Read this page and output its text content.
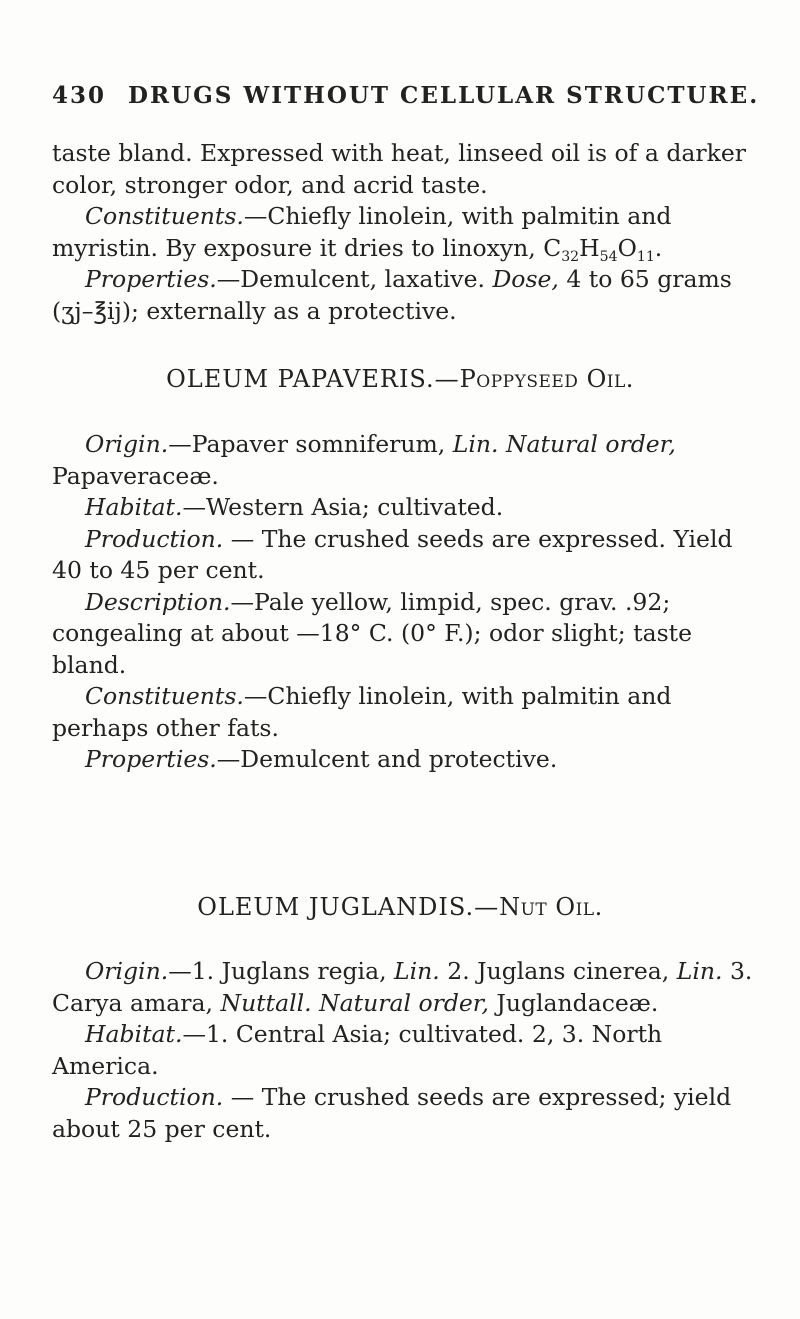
430 DRUGS WITHOUT CELLULAR STRUCTURE.

taste bland. Expressed with heat, linseed oil is of a darker color, stronger odor, and acrid taste.

Constituents.—Chiefly linolein, with palmitin and myristin. By exposure it dries to linoxyn, $C_{32}H_{54}O_{11}$.

Properties.—Demulcent, laxative. Dose, 4 to 65 grams (ʒj–℥ij); externally as a protective.

OLEUM PAPAVERIS.—Poppyseed Oil.

Origin.—Papaver somniferum, Lin. Natural order, Papaveraceæ.

Habitat.—Western Asia; cultivated.

Production. — The crushed seeds are expressed. Yield 40 to 45 per cent.

Description.—Pale yellow, limpid, spec. grav. .92; congealing at about —18° C. (0° F.); odor slight; taste bland.

Constituents.—Chiefly linolein, with palmitin and perhaps other fats.

Properties.—Demulcent and protective.

OLEUM JUGLANDIS.—Nut Oil.

Origin.—1. Juglans regia, Lin. 2. Juglans cinerea, Lin. 3. Carya amara, Nuttall. Natural order, Juglandaceæ.

Habitat.—1. Central Asia; cultivated. 2, 3. North America.

Production. — The crushed seeds are expressed; yield about 25 per cent.
